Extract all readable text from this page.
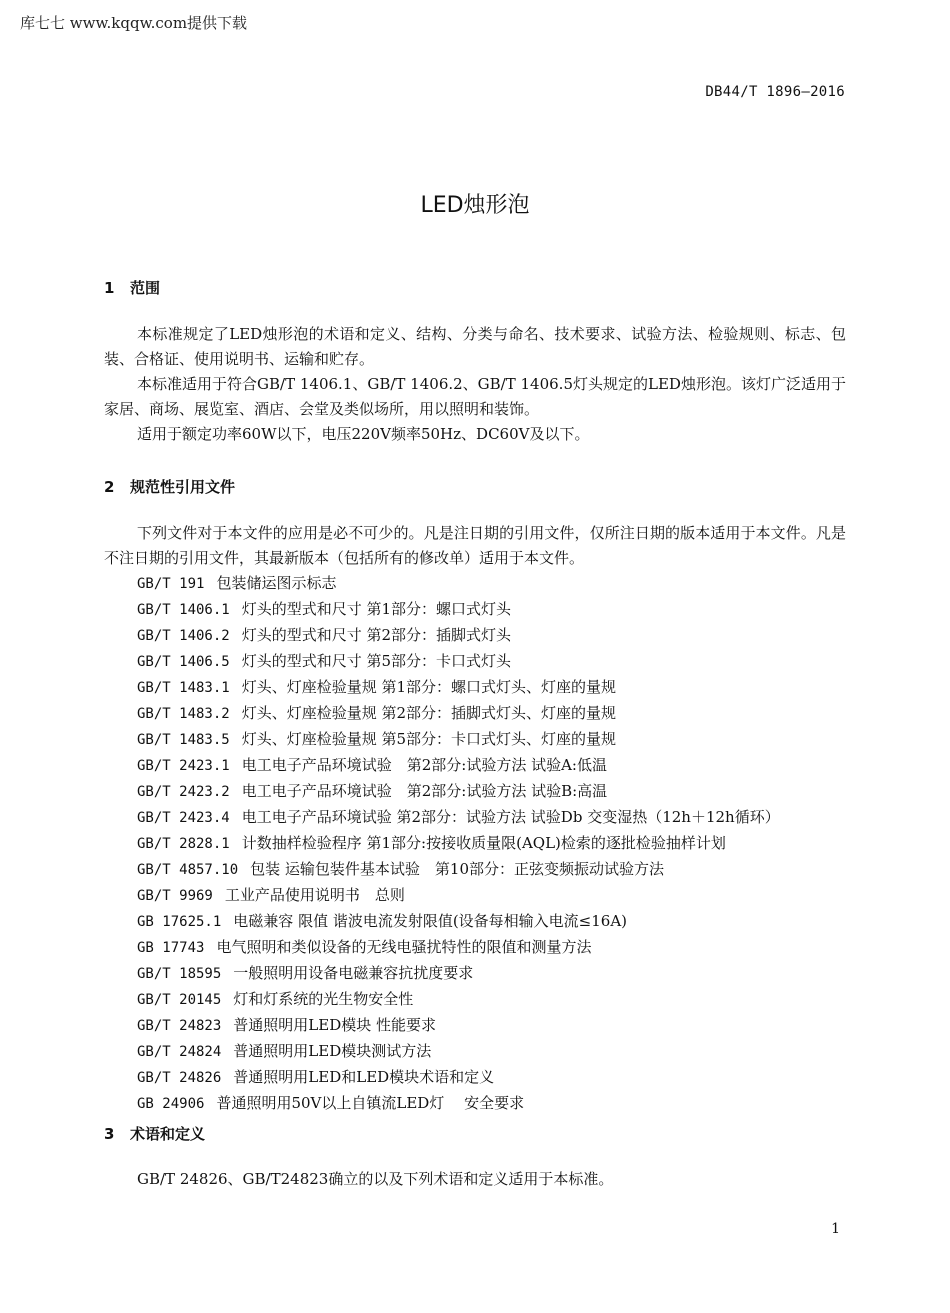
库七七 www.kqqw.com提供下载
DB44/T 1896—2016
LED烛形泡
1 范围
本标准规定了LED烛形泡的术语和定义、结构、分类与命名、技术要求、试验方法、检验规则、标志、包装、合格证、使用说明书、运输和贮存。
本标准适用于符合GB/T 1406.1、GB/T 1406.2、GB/T 1406.5灯头规定的LED烛形泡。该灯广泛适用于家居、商场、展览室、酒店、会堂及类似场所，用以照明和装饰。
适用于额定功率60W以下，电压220V频率50Hz、DC60V及以下。
2 规范性引用文件
下列文件对于本文件的应用是必不可少的。凡是注日期的引用文件，仅所注日期的版本适用于本文件。凡是不注日期的引用文件，其最新版本（包括所有的修改单）适用于本文件。
GB/T 191 包装储运图示标志
GB/T 1406.1 灯头的型式和尺寸 第1部分：螺口式灯头
GB/T 1406.2 灯头的型式和尺寸 第2部分：插脚式灯头
GB/T 1406.5 灯头的型式和尺寸 第5部分：卡口式灯头
GB/T 1483.1 灯头、灯座检验量规 第1部分：螺口式灯头、灯座的量规
GB/T 1483.2 灯头、灯座检验量规 第2部分：插脚式灯头、灯座的量规
GB/T 1483.5 灯头、灯座检验量规 第5部分：卡口式灯头、灯座的量规
GB/T 2423.1 电工电子产品环境试验　第2部分:试验方法 试验A:低温
GB/T 2423.2 电工电子产品环境试验　第2部分:试验方法 试验B:高温
GB/T 2423.4 电工电子产品环境试验 第2部分：试验方法 试验Db 交变湿热（12h＋12h循环）
GB/T 2828.1 计数抽样检验程序 第1部分:按接收质量限(AQL)检索的逐批检验抽样计划
GB/T 4857.10 包装 运输包装件基本试验　第10部分：正弦变频振动试验方法
GB/T 9969 工业产品使用说明书　总则
GB 17625.1 电磁兼容 限值 谐波电流发射限值(设备每相输入电流≤16A)
GB 17743 电气照明和类似设备的无线电骚扰特性的限值和测量方法
GB/T 18595 一般照明用设备电磁兼容抗扰度要求
GB/T 20145 灯和灯系统的光生物安全性
GB/T 24823 普通照明用LED模块 性能要求
GB/T 24824 普通照明用LED模块测试方法
GB/T 24826 普通照明用LED和LED模块术语和定义
GB 24906 普通照明用50V以上自镇流LED灯　 安全要求
3 术语和定义
GB/T 24826、GB/T24823确立的以及下列术语和定义适用于本标准。
1
